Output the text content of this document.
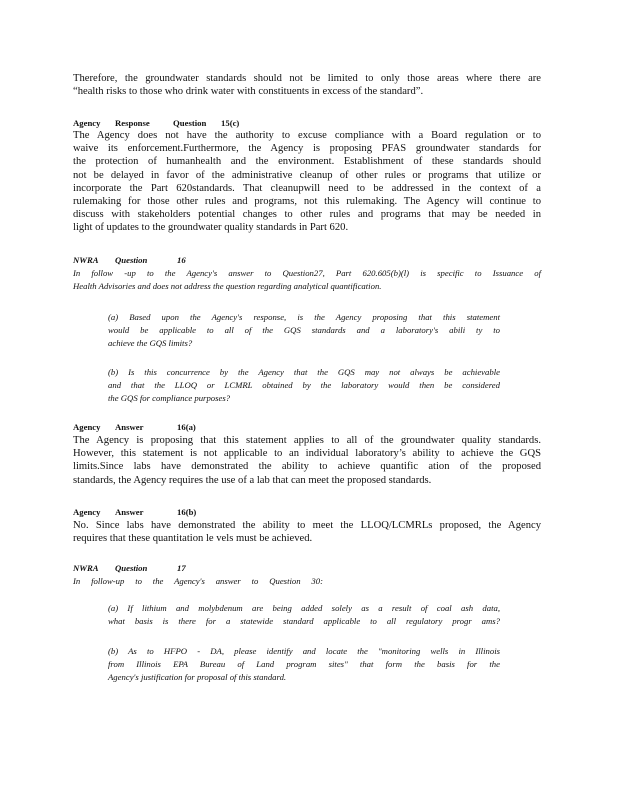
Therefore, the groundwater standards should not be limited to only those areas where there are

“health risks to those who drink water with constituents in excess of the standard”.

Agency	Response	Question	15(c)

The Agency does not have the authority to excuse compliance with a Board regulation or to

waive its enforcement.Furthermore, the Agency is proposing PFAS groundwater standards for

the protection of humanhealth and the environment. Establishment of these standards should

not be delayed in favor of the administrative cleanup of other rules or programs that utilize or

incorporate the Part 620standards. That cleanupwill need to be addressed in the context of a

rulemaking for those other rules and programs, not this rulemaking. The Agency will continue to

discuss with stakeholders potential changes to other rules and programs that may be needed in

light of updates to the groundwater quality standards in Part 620.

NWRA	Question	16

In follow -up to the Agency's answer to Question27, Part 620.605(b)(l) is specific to Issuance of

Health Advisories and does not address the question regarding analytical quantification.

(a) Based upon the Agency's response, is the Agency proposing that this statement

would be applicable to all of the GQS standards and a laboratory's abili ty to

achieve the GQS limits?

(b) Is this concurrence by the Agency that the GQS may not always be achievable

and that the LLOQ or LCMRL obtained by the laboratory would then be considered

the GQS for compliance purposes?

Agency	Answer	16(a)

The Agency is proposing that this statement applies to all of the groundwater quality standards.

However, this statement is not applicable to an individual laboratory’s ability to achieve the GQS

limits.Since labs have demonstrated the ability to achieve quantific ation of the proposed

standards, the Agency requires the use of a lab that can meet the proposed standards.

Agency	Answer	16(b)

No. Since labs have demonstrated the ability to meet the LLOQ/LCMRLs proposed, the Agency

requires that these quantitation le vels must be achieved.

NWRA	Question	17

In follow-up to the Agency's answer to Question 30:

(a) If lithium and molybdenum are being added solely as a result of coal ash data,

what basis is there for a statewide standard applicable to all regulatory progr ams?

(b) As to HFPO - DA, please identify and locate the "monitoring wells in Illinois

from Illinois EPA Bureau of Land program sites" that form the basis for the

Agency's justification for proposal of this standard.
